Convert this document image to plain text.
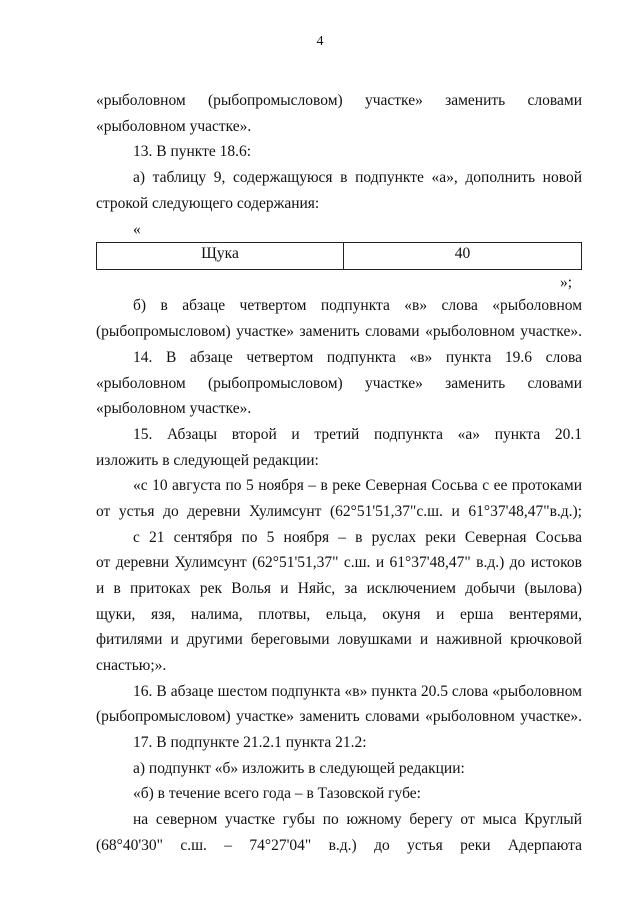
4
«рыболовном (рыбопромысловом) участке» заменить словами
«рыболовном участке».
13. В пункте 18.6:
а) таблицу 9, содержащуюся в подпункте «а», дополнить новой
строкой следующего содержания:
«
Щука	40
»;
б) в абзаце четвертом подпункта «в» слова «рыболовном
(рыбопромысловом) участке» заменить словами «рыболовном участке».
14. В абзаце четвертом подпункта «в» пункта 19.6 слова
«рыболовном (рыбопромысловом) участке» заменить словами
«рыболовном участке».
15. Абзацы второй и третий подпункта «а» пункта 20.1
изложить в следующей редакции:
«с 10 августа по 5 ноября – в реке Северная Сосьва с ее протоками
от устья до деревни Хулимсунт (62°51'51,37"с.ш. и 61°37'48,47"в.д.);
с 21 сентября по 5 ноября – в руслах реки Северная Сосьва
от деревни Хулимсунт (62°51'51,37" с.ш. и 61°37'48,47" в.д.) до истоков
и в притоках рек Волья и Няйс, за исключением добычи (вылова)
щуки, язя, налима, плотвы, ельца, окуня и ерша вентерями,
фитилями и другими береговыми ловушками и наживной крючковой
снастью;».
16. В абзаце шестом подпункта «в» пункта 20.5 слова «рыболовном
(рыбопромысловом) участке» заменить словами «рыболовном участке».
17. В подпункте 21.2.1 пункта 21.2:
а) подпункт «б» изложить в следующей редакции:
«б) в течение всего года – в Тазовской губе:
на северном участке губы по южному берегу от мыса Круглый
(68°40'30" с.ш. – 74°27'04" в.д.) до устья реки Адерпаюта
